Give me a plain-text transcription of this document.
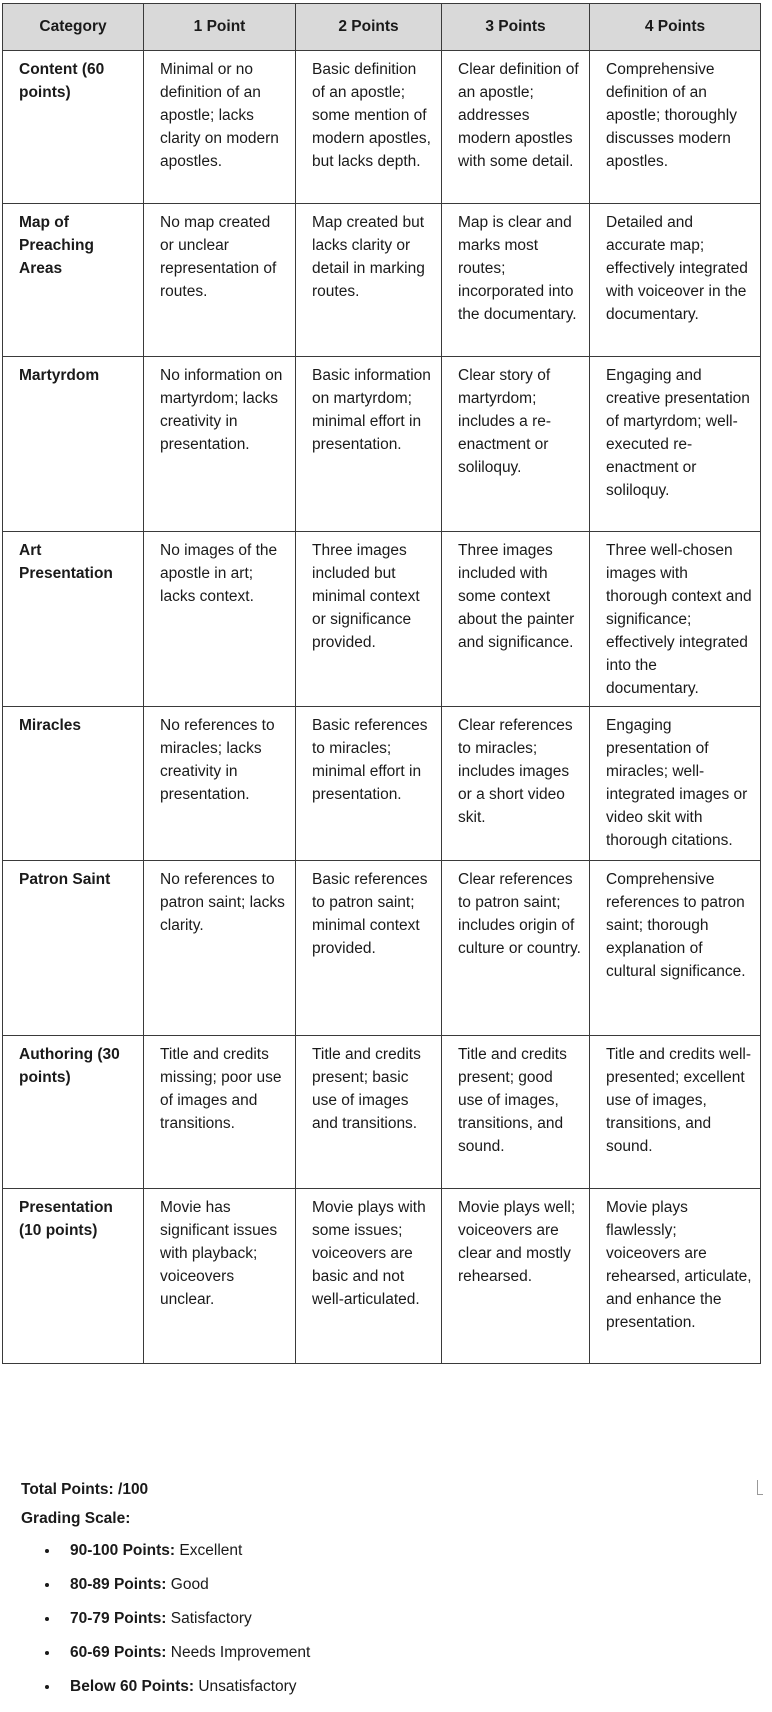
Category	1 Point	2 Points	3 Points	4 Points
Content (60 points)	Minimal or no definition of an apostle; lacks clarity on modern apostles.	Basic definition of an apostle; some mention of modern apostles, but lacks depth.	Clear definition of an apostle; addresses modern apostles with some detail.	Comprehensive definition of an apostle; thoroughly discusses modern apostles.
Map of Preaching Areas	No map created or unclear representation of routes.	Map created but lacks clarity or detail in marking routes.	Map is clear and marks most routes; incorporated into the documentary.	Detailed and accurate map; effectively integrated with voiceover in the documentary.
Martyrdom	No information on martyrdom; lacks creativity in presentation.	Basic information on martyrdom; minimal effort in presentation.	Clear story of martyrdom; includes a re-enactment or soliloquy.	Engaging and creative presentation of martyrdom; well-executed re-enactment or soliloquy.
Art Presentation	No images of the apostle in art; lacks context.	Three images included but minimal context or significance provided.	Three images included with some context about the painter and significance.	Three well-chosen images with thorough context and significance; effectively integrated into the documentary.
Miracles	No references to miracles; lacks creativity in presentation.	Basic references to miracles; minimal effort in presentation.	Clear references to miracles; includes images or a short video skit.	Engaging presentation of miracles; well-integrated images or video skit with thorough citations.
Patron Saint	No references to patron saint; lacks clarity.	Basic references to patron saint; minimal context provided.	Clear references to patron saint; includes origin of culture or country.	Comprehensive references to patron saint; thorough explanation of cultural significance.
Authoring (30 points)	Title and credits missing; poor use of images and transitions.	Title and credits present; basic use of images and transitions.	Title and credits present; good use of images, transitions, and sound.	Title and credits well-presented; excellent use of images, transitions, and sound.
Presentation (10 points)	Movie has significant issues with playback; voiceovers unclear.	Movie plays with some issues; voiceovers are basic and not well-articulated.	Movie plays well; voiceovers are clear and mostly rehearsed.	Movie plays flawlessly; voiceovers are rehearsed, articulate, and enhance the presentation.
Total Points: /100
Grading Scale:
90-100 Points: Excellent
80-89 Points: Good
70-79 Points: Satisfactory
60-69 Points: Needs Improvement
Below 60 Points: Unsatisfactory
